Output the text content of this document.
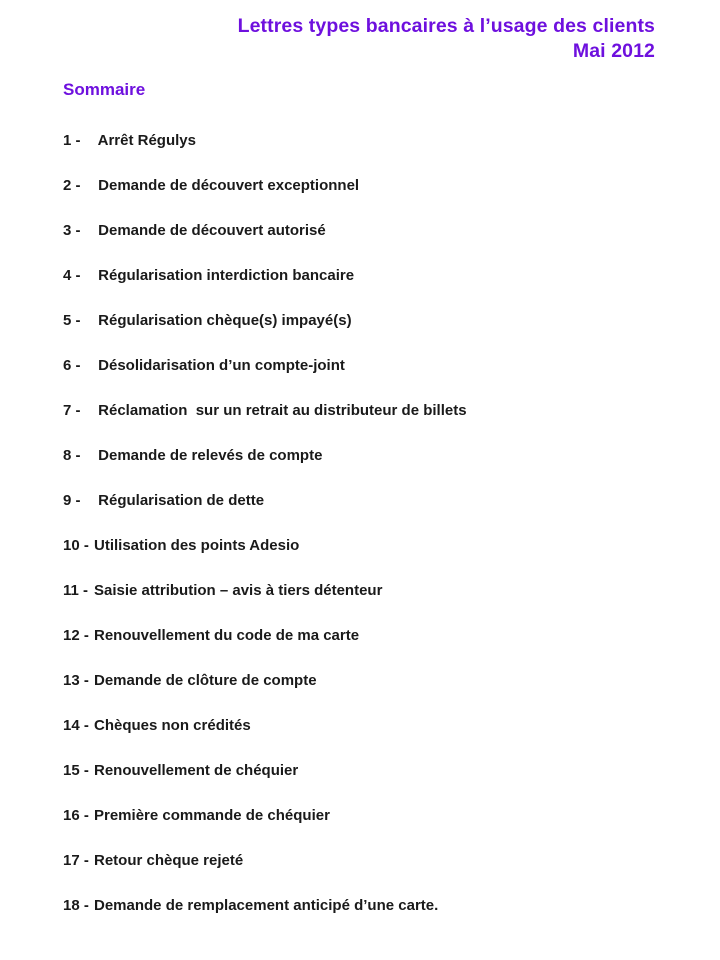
Lettres types bancaires à l’usage des clients
Mai 2012
Sommaire
1 - Arrêt Régulys
2 - Demande de découvert exceptionnel
3 - Demande de découvert autorisé
4 - Régularisation interdiction bancaire
5 - Régularisation chèque(s) impayé(s)
6 - Désolidarisation d’un compte-joint
7 - Réclamation  sur un retrait au distributeur de billets
8 - Demande de relevés de compte
9 - Régularisation de dette
10 - Utilisation des points Adesio
11 - Saisie attribution – avis à tiers détenteur
12 - Renouvellement du code de ma carte
13 - Demande de clôture de compte
14 - Chèques non crédités
15 - Renouvellement de chéquier
16 - Première commande de chéquier
17 - Retour chèque rejeté
18 - Demande de remplacement anticipé d’une carte.
